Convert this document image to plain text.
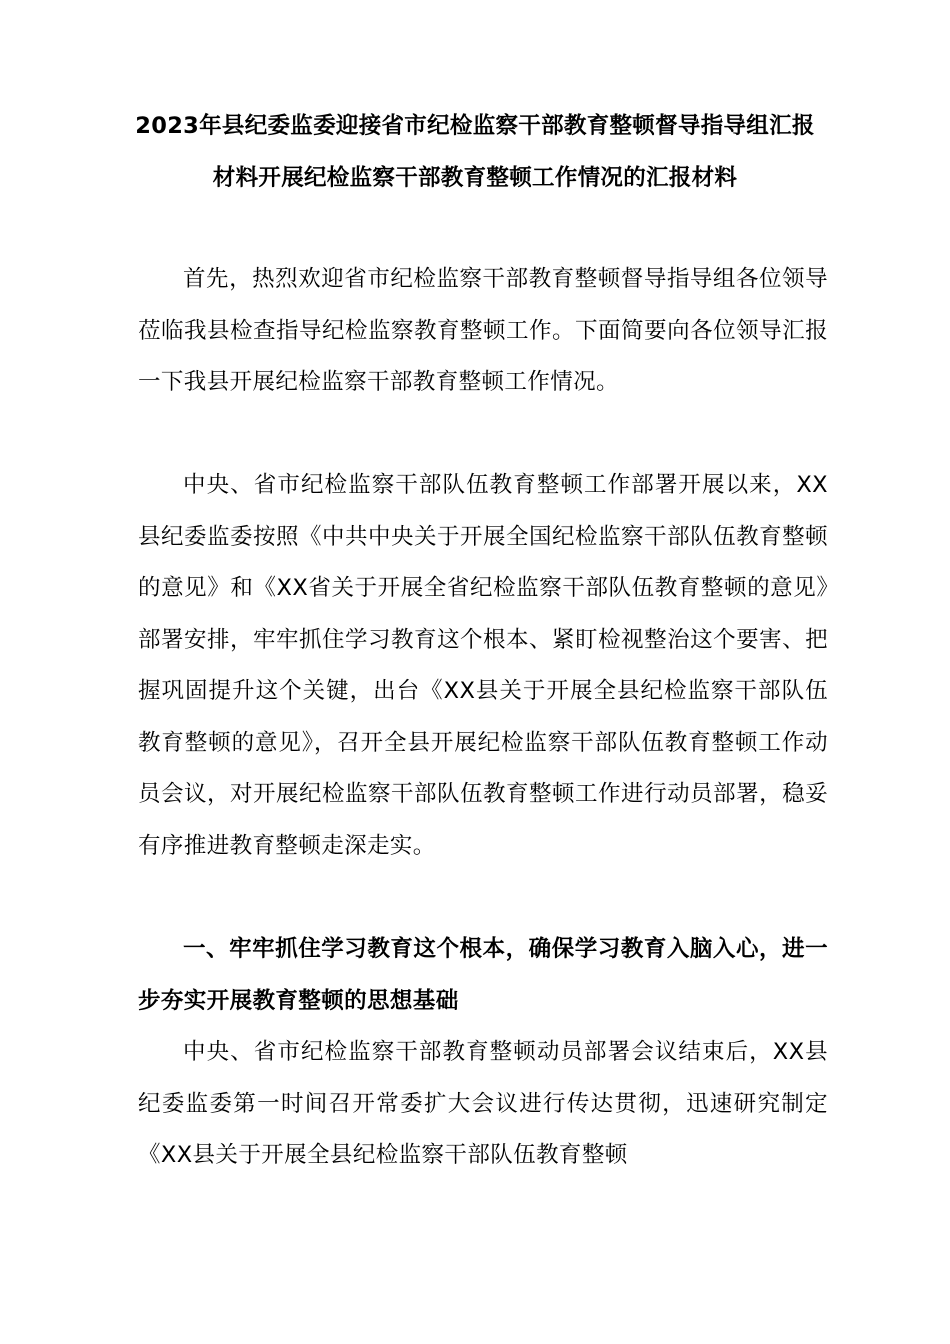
2023年县纪委监委迎接省市纪检监察干部教育整顿督导指导组汇报材料开展纪检监察干部教育整顿工作情况的汇报材料

首先，热烈欢迎省市纪检监察干部教育整顿督导指导组各位领导莅临我县检查指导纪检监察教育整顿工作。下面简要向各位领导汇报一下我县开展纪检监察干部教育整顿工作情况。

中央、省市纪检监察干部队伍教育整顿工作部署开展以来，XX县纪委监委按照《中共中央关于开展全国纪检监察干部队伍教育整顿的意见》和《XX省关于开展全省纪检监察干部队伍教育整顿的意见》部署安排，牢牢抓住学习教育这个根本、紧盯检视整治这个要害、把握巩固提升这个关键，出台《XX县关于开展全县纪检监察干部队伍教育整顿的意见》，召开全县开展纪检监察干部队伍教育整顿工作动员会议，对开展纪检监察干部队伍教育整顿工作进行动员部署，稳妥有序推进教育整顿走深走实。

一、牢牢抓住学习教育这个根本，确保学习教育入脑入心，进一步夯实开展教育整顿的思想基础

中央、省市纪检监察干部教育整顿动员部署会议结束后，XX县纪委监委第一时间召开常委扩大会议进行传达贯彻，迅速研究制定《XX县关于开展全县纪检监察干部队伍教育整顿
